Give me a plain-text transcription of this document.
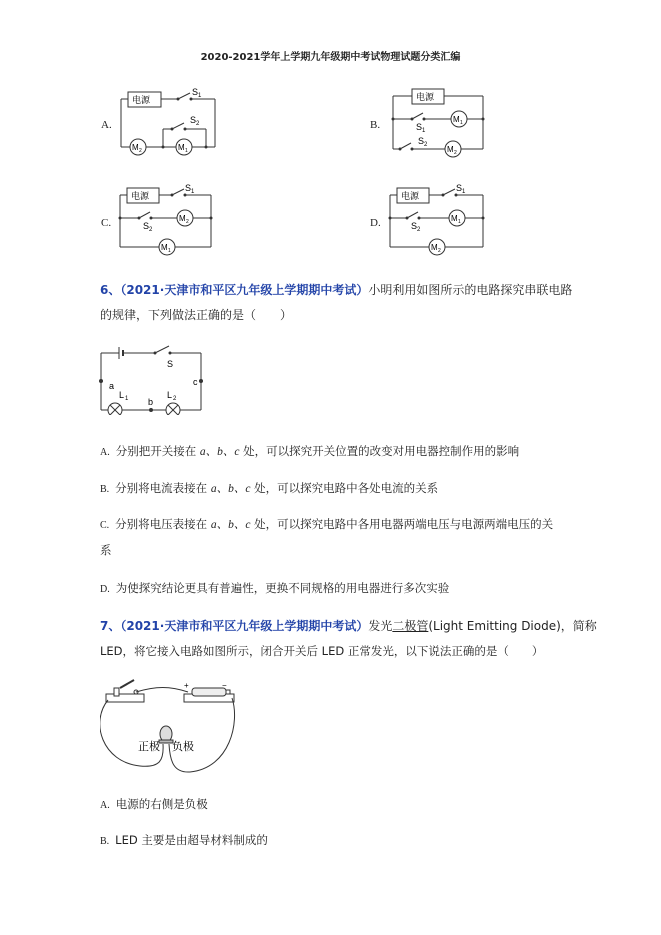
2020-2021学年上学期九年级期中考试物理试题分类汇编
A.
电源
S 1
S 2
M 2	M 1
B.
电源
S 1
S 2
M 1
M 2
C.
电源
S 1
S 2
M 2
M 1
D.
电源
S 1
S 2
M 1
M 2
6、（2021·天津市和平区九年级上学期期中考试）小明利用如图所示的电路探究串联电路
的规律，下列做法正确的是（　　）
S
a
b
c
L 1	L 2
A. 分别把开关接在 a、b、c 处，可以探究开关位置的改变对用电器控制作用的影响
B. 分别将电流表接在 a、b、c 处，可以探究电路中各处电流的关系
C. 分别将电压表接在 a、b、c 处，可以探究电路中各用电器两端电压与电源两端电压的关
系
D. 为使探究结论更具有普遍性，更换不同规格的用电器进行多次实验
7、（2021·天津市和平区九年级上学期期中考试）发光二极管(Light Emitting Diode)，简称
LED，将它接入电路如图所示，闭合开关后 LED 正常发光，以下说法正确的是（　　）
+	−
正极 负极
A. 电源的右侧是负极
B. LED 主要是由超导材料制成的
